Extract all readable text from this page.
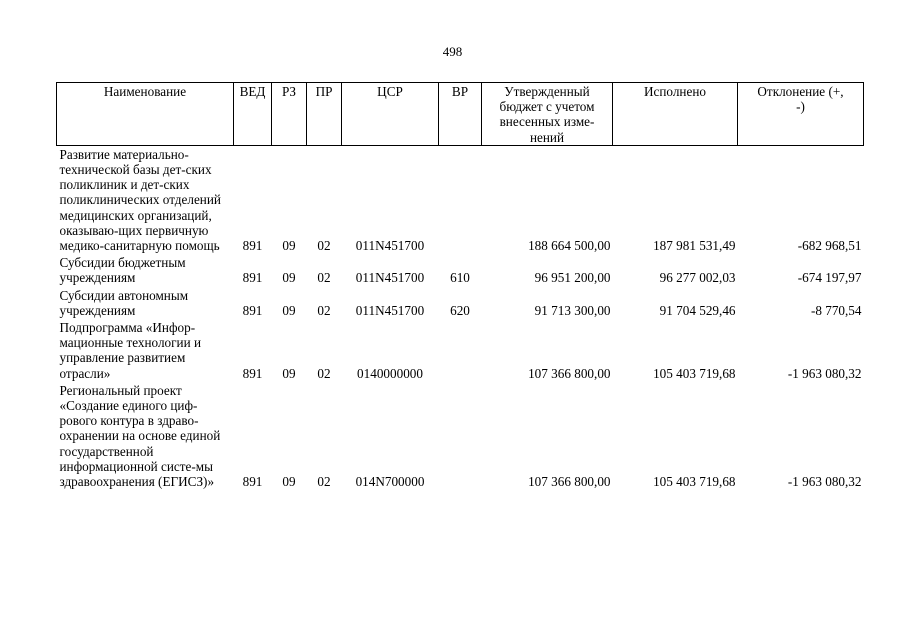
498
Наименование	ВЕД	РЗ	ПР	ЦСР	ВР	Утвержденный бюджет с учетом внесенных изме-нений	Исполнено	Отклонение (+, -)
Развитие материально-технической базы дет-ских поликлиник и дет-ских поликлинических отделений медицинских организаций, оказываю-щих первичную медико-санитарную помощь	891	09	02	011N451700		188 664 500,00	187 981 531,49	-682 968,51
Субсидии бюджетным учреждениям	891	09	02	011N451700	610	96 951 200,00	96 277 002,03	-674 197,97
Субсидии автономным учреждениям	891	09	02	011N451700	620	91 713 300,00	91 704 529,46	-8 770,54
Подпрограмма «Инфор-мационные технологии и управление развитием отрасли»	891	09	02	0140000000		107 366 800,00	105 403 719,68	-1 963 080,32
Региональный проект «Создание единого циф-рового контура в здраво-охранении на основе единой государственной информационной систе-мы здравоохранения (ЕГИСЗ)»	891	09	02	014N700000		107 366 800,00	105 403 719,68	-1 963 080,32
